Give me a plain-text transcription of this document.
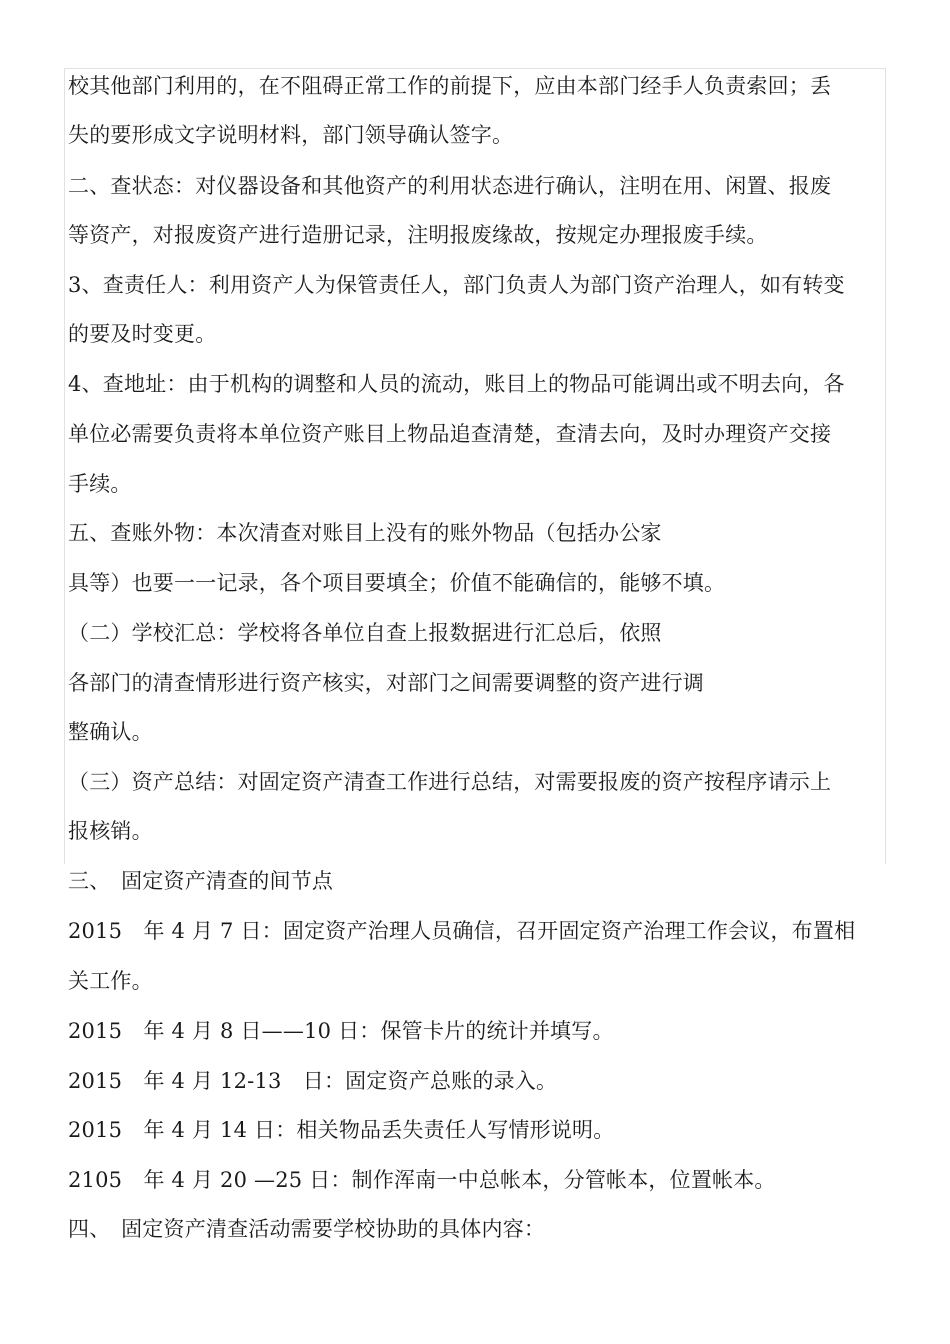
校其他部门利用的，在不阻碍正常工作的前提下，应由本部门经手人负责索回；丢
失的要形成文字说明材料，部门领导确认签字。
二、查状态：对仪器设备和其他资产的利用状态进行确认，注明在用、闲置、报废
等资产，对报废资产进行造册记录，注明报废缘故，按规定办理报废手续。
3、查责任人：利用资产人为保管责任人，部门负责人为部门资产治理人，如有转变
的要及时变更。
4、查地址：由于机构的调整和人员的流动，账目上的物品可能调出或不明去向，各
单位必需要负责将本单位资产账目上物品追查清楚，查清去向，及时办理资产交接
手续。
五、查账外物：本次清查对账目上没有的账外物品（包括办公家
具等）也要一一记录，各个项目要填全；价值不能确信的，能够不填。
（二）学校汇总：学校将各单位自查上报数据进行汇总后，依照
各部门的清查情形进行资产核实，对部门之间需要调整的资产进行调
整确认。
（三）资产总结：对固定资产清查工作进行总结，对需要报废的资产按程序请示上
报核销。
三、　固定资产清查的间节点
2015　年 4 月 7 日：固定资产治理人员确信，召开固定资产治理工作会议，布置相
关工作。
2015　年 4 月 8 日——10 日：保管卡片的统计并填写。
2015　年 4 月 12-13　日：固定资产总账的录入。
2015　年 4 月 14 日：相关物品丢失责任人写情形说明。
2105　年 4 月 20 —25 日：制作浑南一中总帐本，分管帐本，位置帐本。
四、　固定资产清查活动需要学校协助的具体内容：
